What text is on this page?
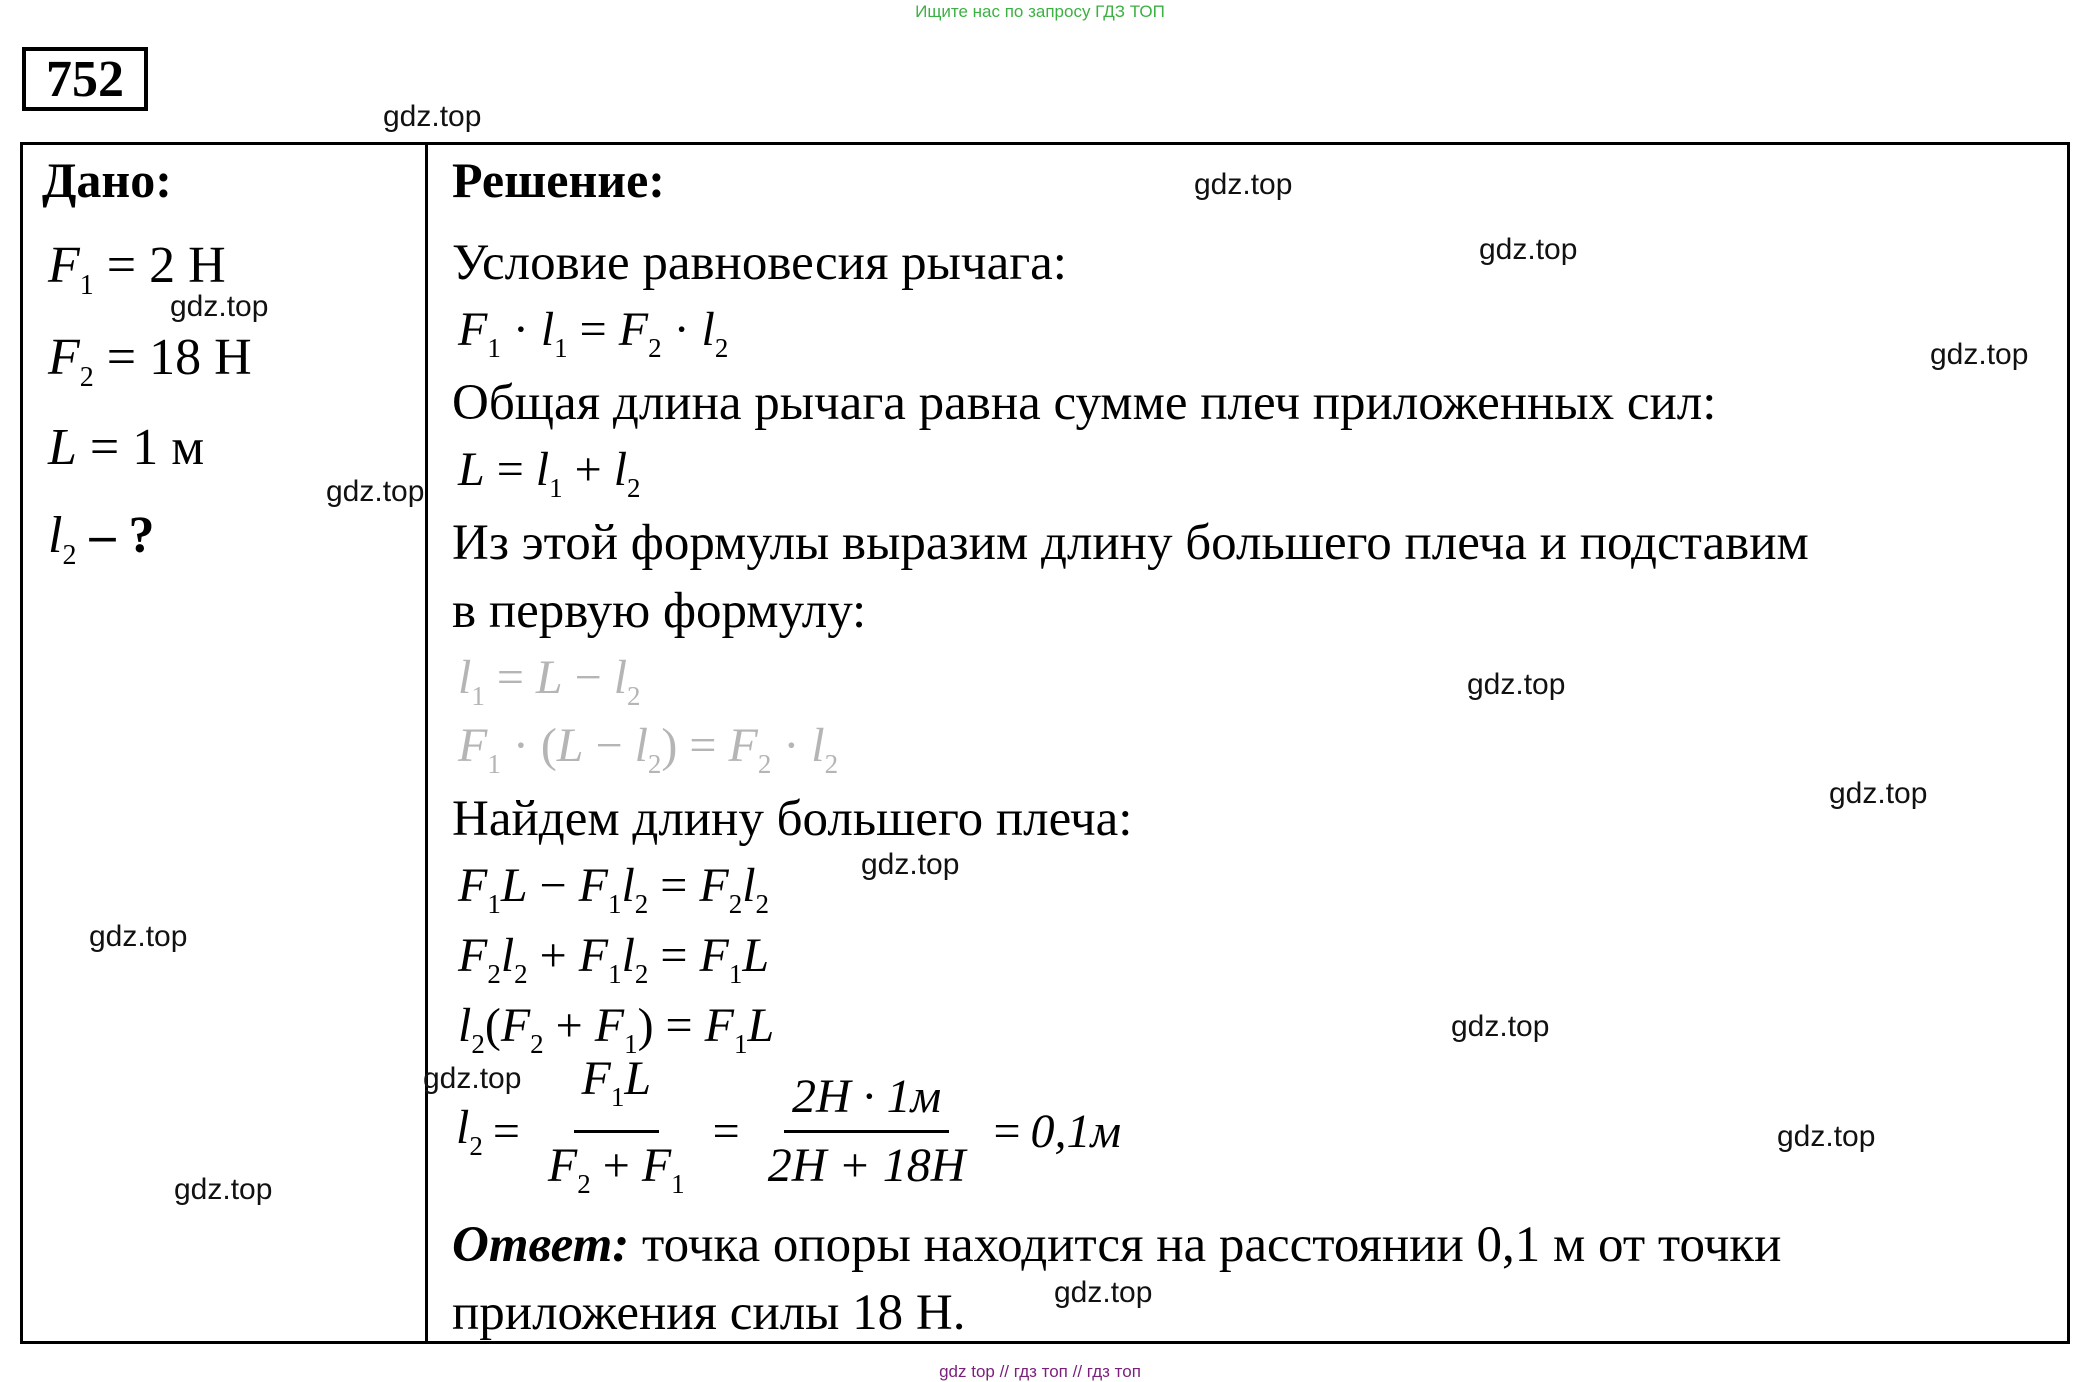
Ищите нас по запросу ГДЗ ТОП
752
Дано:
$F_1 = 2$ Н
$F_2 = 18$ Н
L = 1 м
$l_2$ – ?
Решение:
Условие равновесия рычага:
$F_1 \cdot l_1 = F_2 \cdot l_2$
Общая длина рычага равна сумме плеч приложенных сил:
$L = l_1 + l_2$
Из этой формулы выразим длину большего плеча и подставим
в первую формулу:
$l_1 = L - l_2$
$F_1 \cdot (L - l_2) = F_2 \cdot l_2$
Найдем длину большего плеча:
$F_1L - F_1l_2 = F_2l_2$
$F_2l_2 + F_1l_2 = F_1L$
$l_2(F_2 + F_1) = F_1L$
$l_2 = \frac{F_1L}{F_2 + F_1} = \frac{2H \cdot 1м}{2H + 18H} = 0,1м$
Ответ: точка опоры находится на расстоянии 0,1 м от точки
приложения силы 18 Н.
gdz.top
gdz.top
gdz.top
gdz.top
gdz.top
gdz.top
gdz.top
gdz.top
gdz.top
gdz.top
gdz.top
gdz.top
gdz.top
gdz.top
gdz.top
gdz top // гдз топ // гдз топ
